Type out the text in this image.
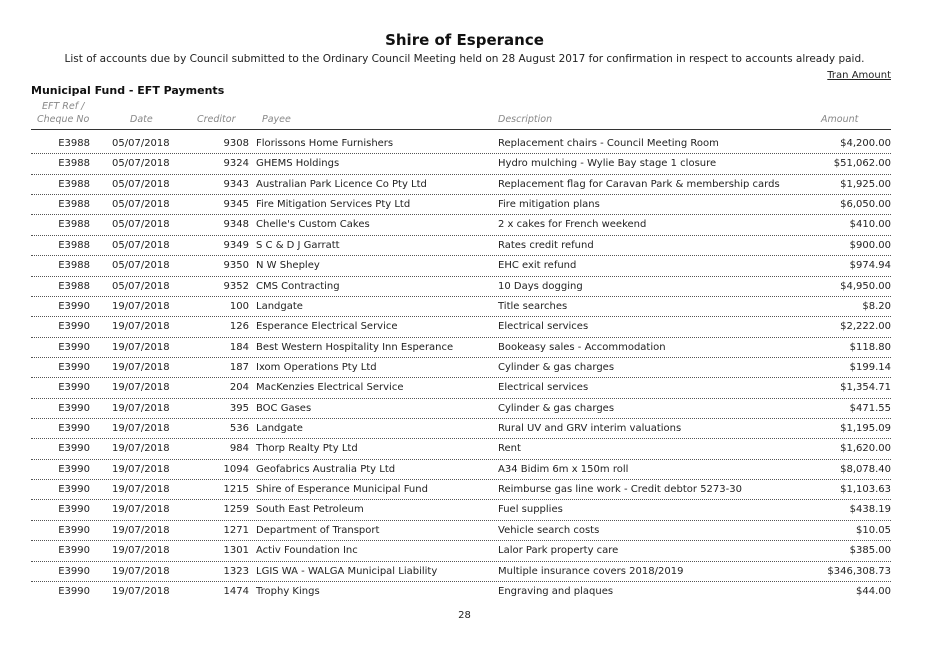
Shire of Esperance
List of accounts due by Council submitted to the Ordinary Council Meeting held on 28 August 2017 for confirmation in respect to accounts already paid.
Tran Amount
Municipal Fund - EFT Payments
EFT Ref /
Cheque No	Date	Creditor	Payee	Description	Amount
E3988 05/07/2018	9308 Florissons Home Furnishers	Replacement chairs - Council Meeting Room	$4,200.00
E3988 05/07/2018	9324 GHEMS Holdings	Hydro mulching - Wylie Bay stage 1 closure	$51,062.00
E3988 05/07/2018	9343 Australian Park Licence Co Pty Ltd	Replacement flag for Caravan Park & membership cards	$1,925.00
E3988 05/07/2018	9345 Fire Mitigation Services Pty Ltd	Fire mitigation plans	$6,050.00
E3988 05/07/2018	9348 Chelle's Custom Cakes	2 x cakes for French weekend	$410.00
E3988 05/07/2018	9349 S C & D J Garratt	Rates credit refund	$900.00
E3988 05/07/2018	9350 N W Shepley	EHC exit refund	$974.94
E3988 05/07/2018	9352 CMS Contracting	10 Days dogging	$4,950.00
E3990 19/07/2018	100 Landgate	Title searches	$8.20
E3990 19/07/2018	126 Esperance Electrical Service	Electrical services	$2,222.00
E3990 19/07/2018	184 Best Western Hospitality Inn Esperance	Bookeasy sales - Accommodation	$118.80
E3990 19/07/2018	187 Ixom Operations Pty Ltd	Cylinder & gas charges	$199.14
E3990 19/07/2018	204 MacKenzies Electrical Service	Electrical services	$1,354.71
E3990 19/07/2018	395 BOC Gases	Cylinder & gas charges	$471.55
E3990 19/07/2018	536 Landgate	Rural UV and GRV interim valuations	$1,195.09
E3990 19/07/2018	984 Thorp Realty Pty Ltd	Rent	$1,620.00
E3990 19/07/2018	1094 Geofabrics Australia Pty Ltd	A34 Bidim 6m x 150m roll	$8,078.40
E3990 19/07/2018	1215 Shire of Esperance Municipal Fund	Reimburse gas line work - Credit debtor 5273-30	$1,103.63
E3990 19/07/2018	1259 South East Petroleum	Fuel supplies	$438.19
E3990 19/07/2018	1271 Department of Transport	Vehicle search costs	$10.05
E3990 19/07/2018	1301 Activ Foundation Inc	Lalor Park property care	$385.00
E3990 19/07/2018	1323 LGIS WA - WALGA Municipal Liability	Multiple insurance covers 2018/2019	$346,308.73
E3990 19/07/2018	1474 Trophy Kings	Engraving and plaques	$44.00
28
